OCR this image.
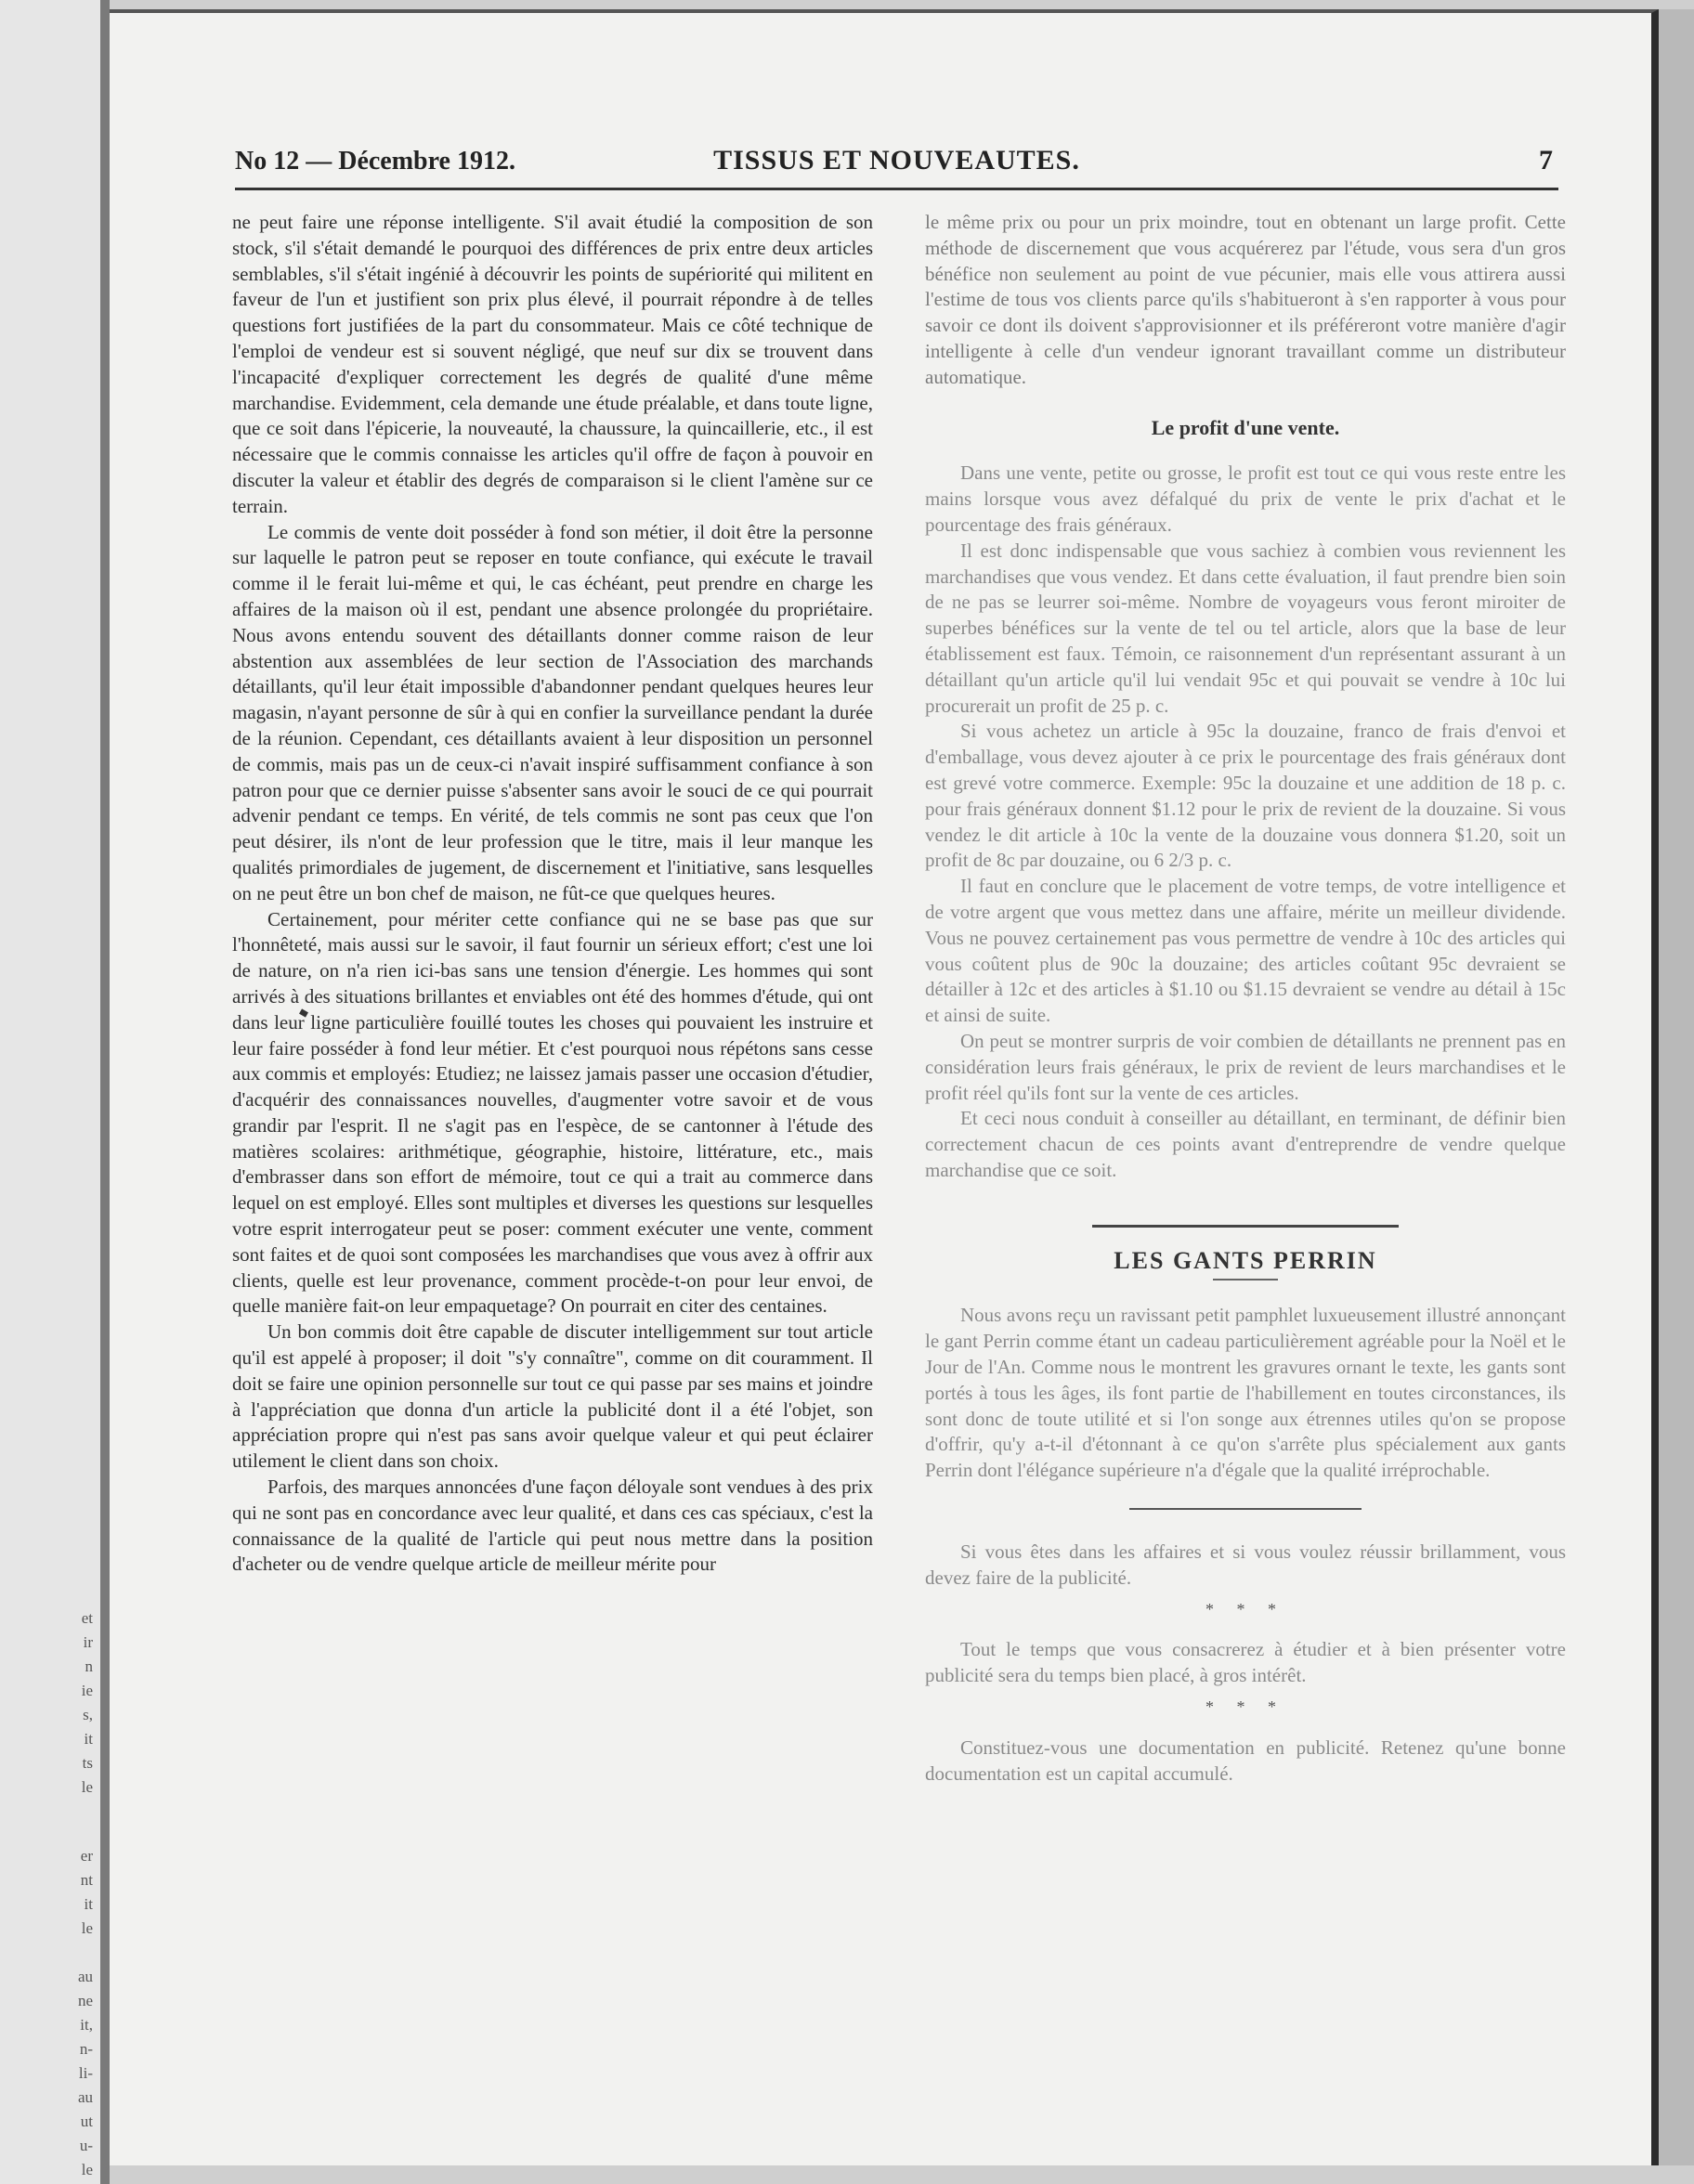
ir
n
ie
s,
it
ts
le
er
nt
it
le
au
ne
it,
n-
li-
au
ut
u-
le
et
No 12 — Décembre 1912.	TISSUS ET NOUVEAUTES.	7

ne peut faire une réponse intelligente. S'il avait étudié la composition de son stock, s'il s'était demandé le pourquoi des différences de prix entre deux articles semblables, s'il s'était ingénié à découvrir les points de supériorité qui militent en faveur de l'un et justifient son prix plus élevé, il pourrait répondre à de telles questions fort justifiées de la part du consommateur. Mais ce côté technique de l'emploi de vendeur est si souvent négligé, que neuf sur dix se trouvent dans l'incapacité d'expliquer correctement les degrés de qualité d'une même marchandise. Evidemment, cela demande une étude préalable, et dans toute ligne, que ce soit dans l'épicerie, la nouveauté, la chaussure, la quincaillerie, etc., il est nécessaire que le commis connaisse les articles qu'il offre de façon à pouvoir en discuter la valeur et établir des degrés de comparaison si le client l'amène sur ce terrain.

Le commis de vente doit posséder à fond son métier, il doit être la personne sur laquelle le patron peut se reposer en toute confiance, qui exécute le travail comme il le ferait lui-même et qui, le cas échéant, peut prendre en charge les affaires de la maison où il est, pendant une absence prolongée du propriétaire. Nous avons entendu souvent des détaillants donner comme raison de leur abstention aux assemblées de leur section de l'Association des marchands détaillants, qu'il leur était impossible d'abandonner pendant quelques heures leur magasin, n'ayant personne de sûr à qui en confier la surveillance pendant la durée de la réunion. Cependant, ces détaillants avaient à leur disposition un personnel de commis, mais pas un de ceux-ci n'avait inspiré suffisamment confiance à son patron pour que ce dernier puisse s'absenter sans avoir le souci de ce qui pourrait advenir pendant ce temps. En vérité, de tels commis ne sont pas ceux que l'on peut désirer, ils n'ont de leur profession que le titre, mais il leur manque les qualités primordiales de jugement, de discernement et l'initiative, sans lesquelles on ne peut être un bon chef de maison, ne fût-ce que quelques heures.

Certainement, pour mériter cette confiance qui ne se base pas que sur l'honnêteté, mais aussi sur le savoir, il faut fournir un sérieux effort; c'est une loi de nature, on n'a rien ici-bas sans une tension d'énergie. Les hommes qui sont arrivés à des situations brillantes et enviables ont été des hommes d'étude, qui ont dans leur ligne particulière fouillé toutes les choses qui pouvaient les instruire et leur faire posséder à fond leur métier. Et c'est pourquoi nous répétons sans cesse aux commis et employés: Etudiez; ne laissez jamais passer une occasion d'étudier, d'acquérir des connaissances nouvelles, d'augmenter votre savoir et de vous grandir par l'esprit. Il ne s'agit pas en l'espèce, de se cantonner à l'étude des matières scolaires: arithmétique, géographie, histoire, littérature, etc., mais d'embrasser dans son effort de mémoire, tout ce qui a trait au commerce dans lequel on est employé. Elles sont multiples et diverses les questions sur lesquelles votre esprit interrogateur peut se poser: comment exécuter une vente, comment sont faites et de quoi sont composées les marchandises que vous avez à offrir aux clients, quelle est leur provenance, comment procède-t-on pour leur envoi, de quelle manière fait-on leur empaquetage? On pourrait en citer des centaines.

Un bon commis doit être capable de discuter intelligemment sur tout article qu'il est appelé à proposer; il doit "s'y connaître", comme on dit couramment. Il doit se faire une opinion personnelle sur tout ce qui passe par ses mains et joindre à l'appréciation que donna d'un article la publicité dont il a été l'objet, son appréciation propre qui n'est pas sans avoir quelque valeur et qui peut éclairer utilement le client dans son choix.

Parfois, des marques annoncées d'une façon déloyale sont vendues à des prix qui ne sont pas en concordance avec leur qualité, et dans ces cas spéciaux, c'est la connaissance de la qualité de l'article qui peut nous mettre dans la position d'acheter ou de vendre quelque article de meilleur mérite pour

le même prix ou pour un prix moindre, tout en obtenant un large profit. Cette méthode de discernement que vous acquérerez par l'étude, vous sera d'un gros bénéfice non seulement au point de vue pécunier, mais elle vous attirera aussi l'estime de tous vos clients parce qu'ils s'habitueront à s'en rapporter à vous pour savoir ce dont ils doivent s'approvisionner et ils préféreront votre manière d'agir intelligente à celle d'un vendeur ignorant travaillant comme un distributeur automatique.

Le profit d'une vente.

Dans une vente, petite ou grosse, le profit est tout ce qui vous reste entre les mains lorsque vous avez défalqué du prix de vente le prix d'achat et le pourcentage des frais généraux.

Il est donc indispensable que vous sachiez à combien vous reviennent les marchandises que vous vendez. Et dans cette évaluation, il faut prendre bien soin de ne pas se leurrer soi-même. Nombre de voyageurs vous feront miroiter de superbes bénéfices sur la vente de tel ou tel article, alors que la base de leur établissement est faux. Témoin, ce raisonnement d'un représentant assurant à un détaillant qu'un article qu'il lui vendait 95c et qui pouvait se vendre à 10c lui procurerait un profit de 25 p. c.

Si vous achetez un article à 95c la douzaine, franco de frais d'envoi et d'emballage, vous devez ajouter à ce prix le pourcentage des frais généraux dont est grevé votre commerce. Exemple: 95c la douzaine et une addition de 18 p. c. pour frais généraux donnent $1.12 pour le prix de revient de la douzaine. Si vous vendez le dit article à 10c la vente de la douzaine vous donnera $1.20, soit un profit de 8c par douzaine, ou 6 2/3 p. c.

Il faut en conclure que le placement de votre temps, de votre intelligence et de votre argent que vous mettez dans une affaire, mérite un meilleur dividende. Vous ne pouvez certainement pas vous permettre de vendre à 10c des articles qui vous coûtent plus de 90c la douzaine; des articles coûtant 95c devraient se détailler à 12c et des articles à $1.10 ou $1.15 devraient se vendre au détail à 15c et ainsi de suite.

On peut se montrer surpris de voir combien de détaillants ne prennent pas en considération leurs frais généraux, le prix de revient de leurs marchandises et le profit réel qu'ils font sur la vente de ces articles.

Et ceci nous conduit à conseiller au détaillant, en terminant, de définir bien correctement chacun de ces points avant d'entreprendre de vendre quelque marchandise que ce soit.

LES GANTS PERRIN

Nous avons reçu un ravissant petit pamphlet luxueusement illustré annonçant le gant Perrin comme étant un cadeau particulièrement agréable pour la Noël et le Jour de l'An. Comme nous le montrent les gravures ornant le texte, les gants sont portés à tous les âges, ils font partie de l'habillement en toutes circonstances, ils sont donc de toute utilité et si l'on songe aux étrennes utiles qu'on se propose d'offrir, qu'y a-t-il d'étonnant à ce qu'on s'arrête plus spécialement aux gants Perrin dont l'élégance supérieure n'a d'égale que la qualité irréprochable.

Si vous êtes dans les affaires et si vous voulez réussir brillamment, vous devez faire de la publicité.

* * *

Tout le temps que vous consacrerez à étudier et à bien présenter votre publicité sera du temps bien placé, à gros intérêt.

* * *

Constituez-vous une documentation en publicité. Retenez qu'une bonne documentation est un capital accumulé.
